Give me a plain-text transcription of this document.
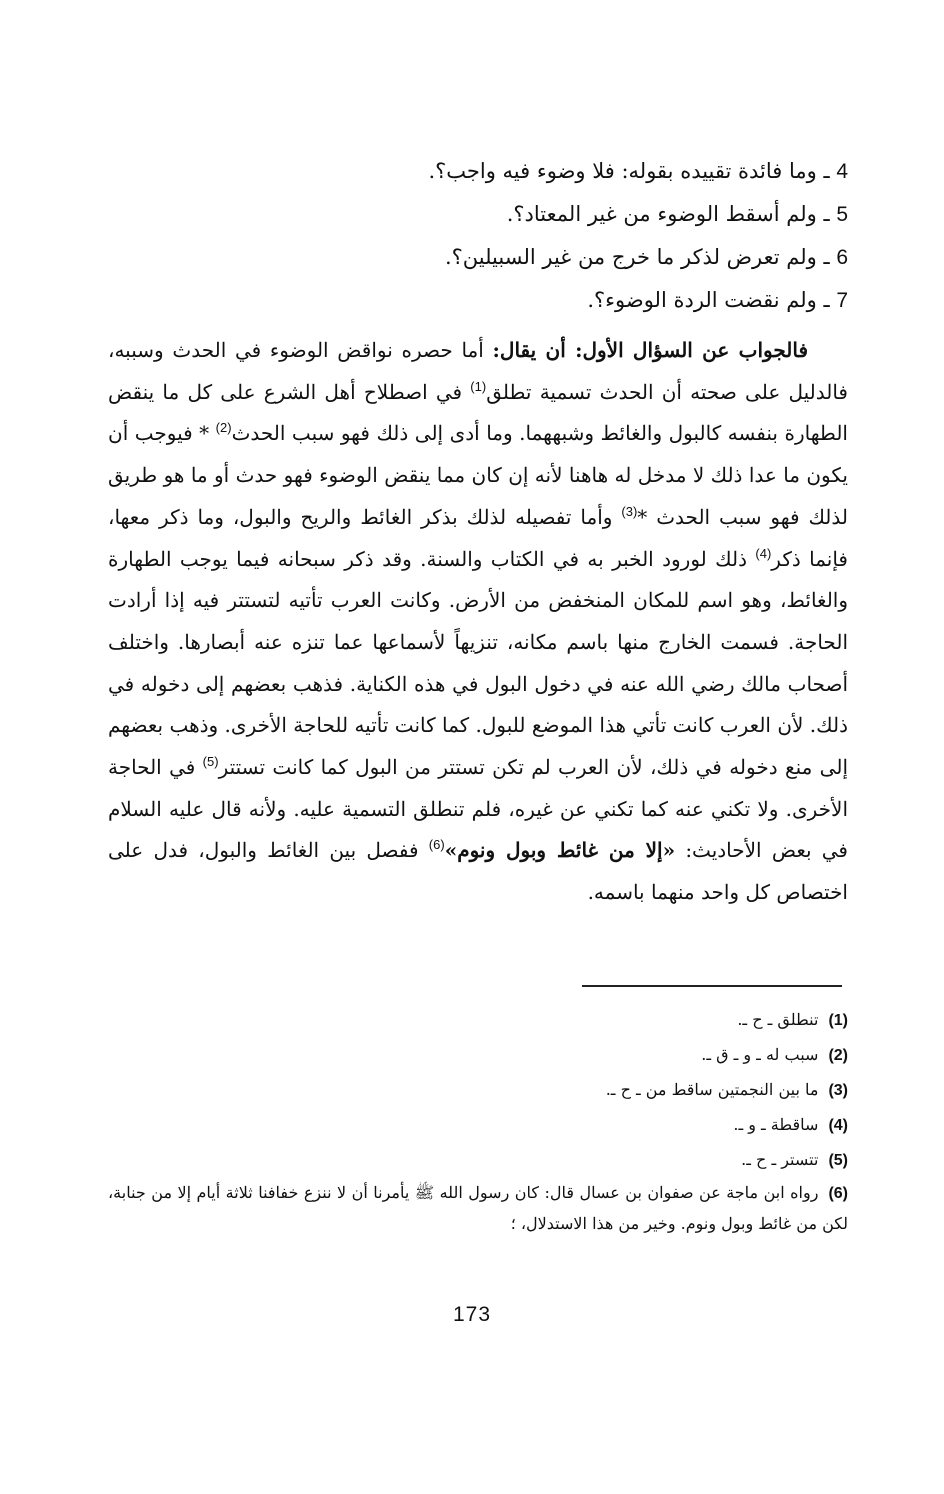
4 ـ وما فائدة تقييده بقوله: فلا وضوء فيه واجب؟.
5 ـ ولم أسقط الوضوء من غير المعتاد؟.
6 ـ ولم تعرض لذكر ما خرج من غير السبيلين؟.
7 ـ ولم نقضت الردة الوضوء؟.

فالجواب عن السؤال الأول: أن يقال: أما حصره نواقض الوضوء في الحدث وسببه، فالدليل على صحته أن الحدث تسمية تطلق$^{(1)}$ في اصطلاح أهل الشرع على كل ما ينقض الطهارة بنفسه كالبول والغائط وشبههما. وما أدى إلى ذلك فهو سبب الحدث$^{(2)}$ * فيوجب أن يكون ما عدا ذلك لا مدخل له هاهنا لأنه إن كان مما ينقض الوضوء فهو حدث أو ما هو طريق لذلك فهو سبب الحدث *$^{(3)}$ وأما تفصيله لذلك بذكر الغائط والريح والبول، وما ذكر معها، فإنما ذكر$^{(4)}$ ذلك لورود الخبر به في الكتاب والسنة. وقد ذكر سبحانه فيما يوجب الطهارة والغائط، وهو اسم للمكان المنخفض من الأرض. وكانت العرب تأتيه لتستتر فيه إذا أرادت الحاجة. فسمت الخارج منها باسم مكانه، تنزيهاً لأسماعها عما تنزه عنه أبصارها. واختلف أصحاب مالك رضي الله عنه في دخول البول في هذه الكناية. فذهب بعضهم إلى دخوله في ذلك. لأن العرب كانت تأتي هذا الموضع للبول. كما كانت تأتيه للحاجة الأخرى. وذهب بعضهم إلى منع دخوله في ذلك، لأن العرب لم تكن تستتر من البول كما كانت تستتر$^{(5)}$ في الحاجة الأخرى. ولا تكني عنه كما تكني عن غيره، فلم تنطلق التسمية عليه. ولأنه قال عليه السلام في بعض الأحاديث: «إلا من غائط وبول ونوم»$^{(6)}$ ففصل بين الغائط والبول، فدل على اختصاص كل واحد منهما باسمه.

(1)تنطلق ـ ح ـ.
(2)سبب له ـ و ـ ق ـ.
(3)ما بين النجمتين ساقط من ـ ح ـ.
(4)ساقطة ـ و ـ.
(5)تتستر ـ ح ـ.
(6)رواه ابن ماجة عن صفوان بن عسال قال: كان رسول الله ﷺ يأمرنا أن لا ننزع خفافنا ثلاثة أيام إلا من جنابة، لكن من غائط وبول ونوم. وخير من هذا الاستدلال، ؛
173
